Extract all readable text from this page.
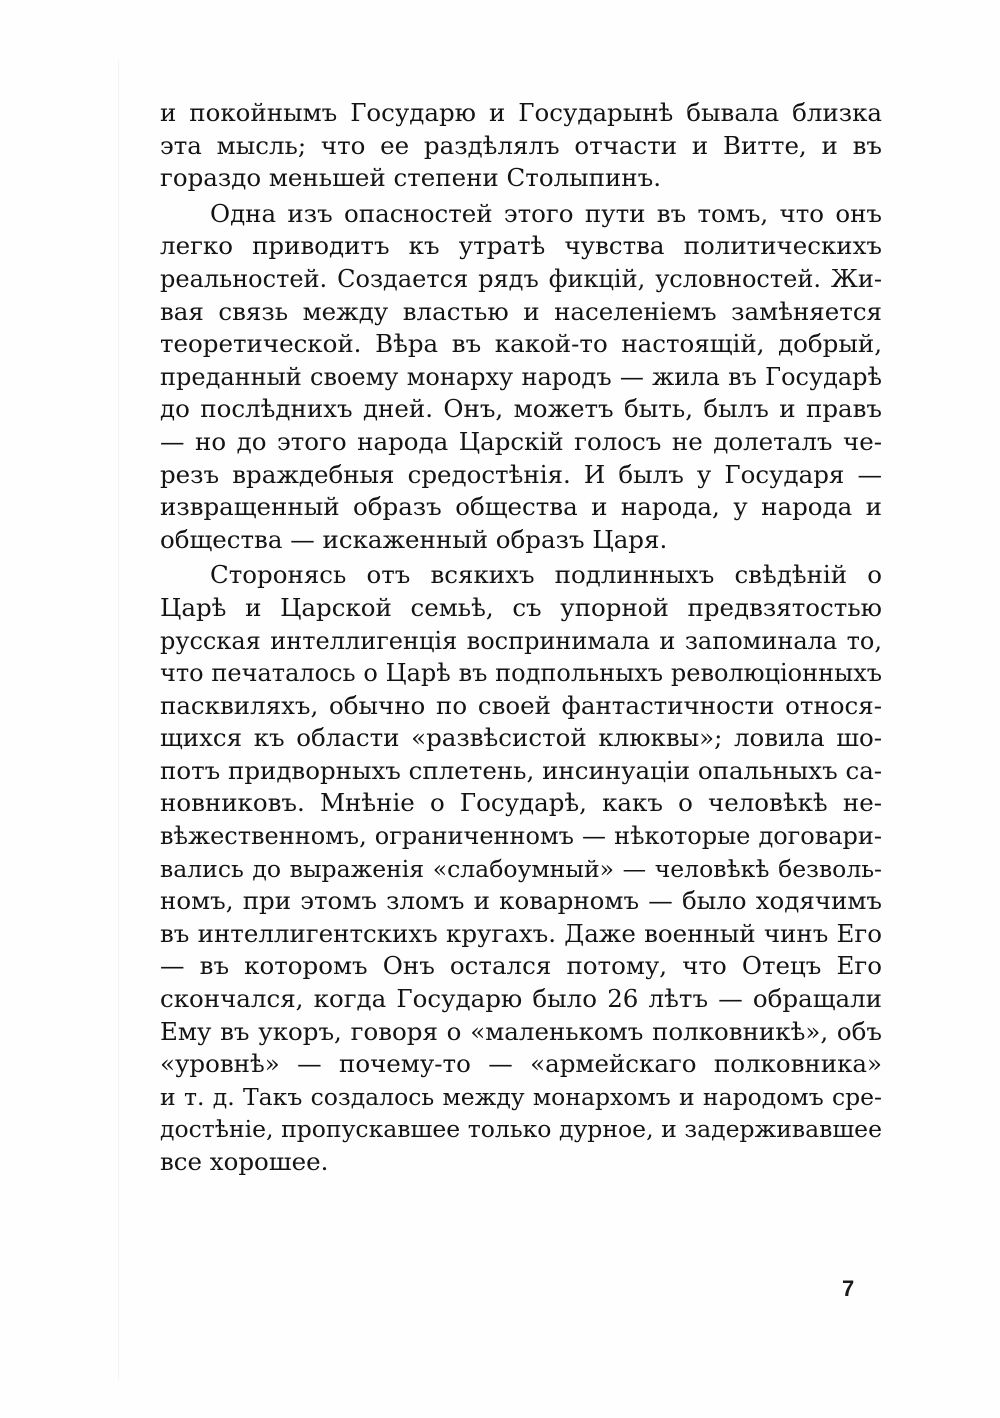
и покойнымъ Государю и Государынѣ бывала близка
эта мысль; что ее раздѣлялъ отчасти и Витте, и въ
гораздо меньшей степени Столыпинъ.
Одна изъ опасностей этого пути въ томъ, что онъ
легко приводитъ къ утратѣ чувства политическихъ
реальностей. Создается рядъ фикцій, условностей. Жи-
вая связь между властью и населеніемъ замѣняется
теоретической. Вѣра въ какой-то настоящій, добрый,
преданный своему монарху народъ — жила въ Государѣ
до послѣднихъ дней. Онъ, можетъ быть, былъ и правъ
— но до этого народа Царскій голосъ не долеталъ че-
резъ враждебныя средостѣнія. И былъ у Государя —
извращенный образъ общества и народа, у народа и
общества — искаженный образъ Царя.
Сторонясь отъ всякихъ подлинныхъ свѣдѣній о
Царѣ и Царской семьѣ, съ упорной предвзятостью
русская интеллигенція воспринимала и запоминала то,
что печаталось о Царѣ въ подпольныхъ революціонныхъ
пасквиляхъ, обычно по своей фантастичности относя-
щихся къ области «развѣсистой клюквы»; ловила шо-
потъ придворныхъ сплетень, инсинуаціи опальныхъ са-
новниковъ. Мнѣніе о Государѣ, какъ о человѣкѣ не-
вѣжественномъ, ограниченномъ — нѣкоторые договари-
вались до выраженія «слабоумный» — человѣкѣ безволь-
номъ, при этомъ зломъ и коварномъ — было ходячимъ
въ интеллигентскихъ кругахъ. Даже военный чинъ Его
— въ которомъ Онъ остался потому, что Отецъ Его
скончался, когда Государю было 26 лѣтъ — обращали
Ему въ укоръ, говоря о «маленькомъ полковникѣ», объ
«уровнѣ» — почему-то — «армейскаго полковника»
и т. д. Такъ создалось между монархомъ и народомъ сре-
достѣніе, пропускавшее только дурное, и задерживавшее
все хорошее.
7
